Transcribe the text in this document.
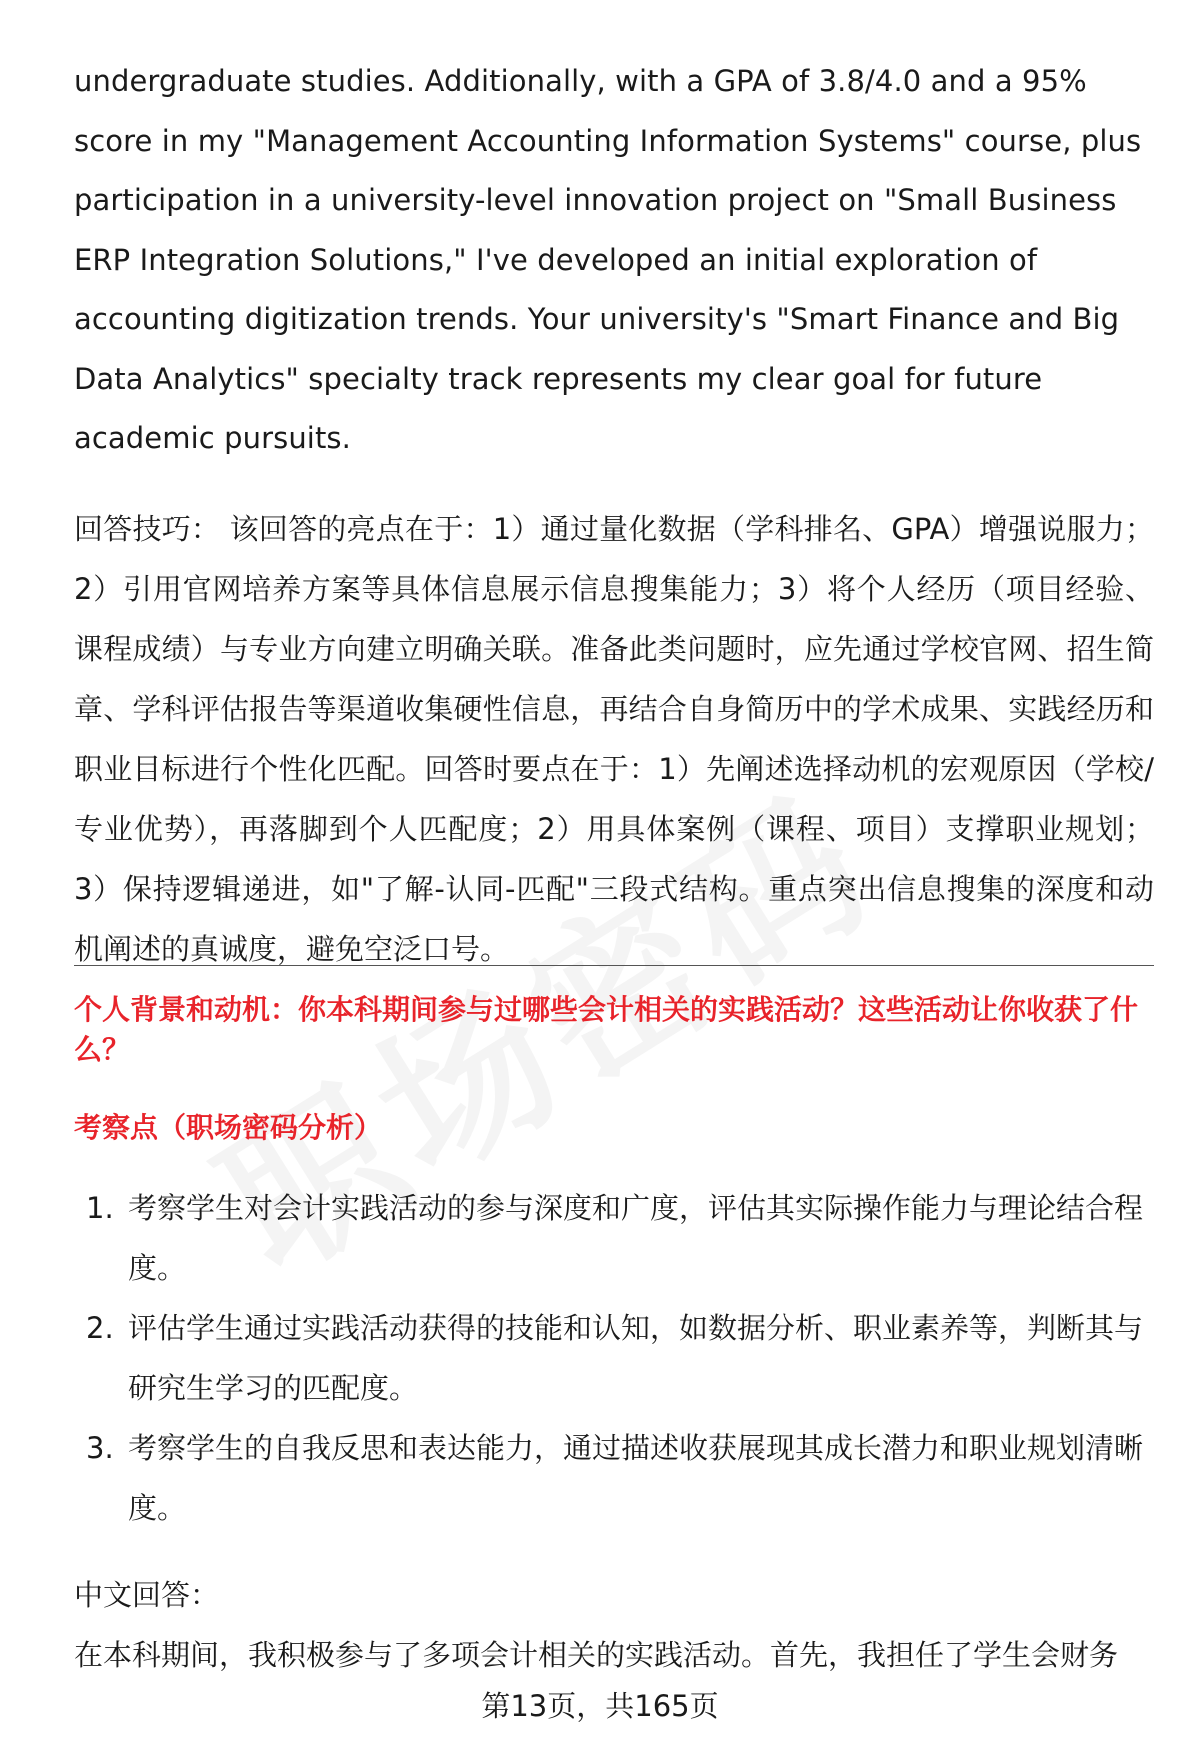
undergraduate studies. Additionally, with a GPA of 3.8/4.0 and a 95% score in my "Management Accounting Information Systems" course, plus participation in a university-level innovation project on "Small Business ERP Integration Solutions," I've developed an initial exploration of accounting digitization trends. Your university's "Smart Finance and Big Data Analytics" specialty track represents my clear goal for future academic pursuits.

回答技巧： 该回答的亮点在于：1）通过量化数据（学科排名、GPA）增强说服力；2）引用官网培养方案等具体信息展示信息搜集能力；3）将个人经历（项目经验、课程成绩）与专业方向建立明确关联。准备此类问题时，应先通过学校官网、招生简章、学科评估报告等渠道收集硬性信息，再结合自身简历中的学术成果、实践经历和职业目标进行个性化匹配。回答时要点在于：1）先阐述选择动机的宏观原因（学校/专业优势），再落脚到个人匹配度；2）用具体案例（课程、项目）支撑职业规划；3）保持逻辑递进，如"了解-认同-匹配"三段式结构。重点突出信息搜集的深度和动机阐述的真诚度，避免空泛口号。

个人背景和动机：你本科期间参与过哪些会计相关的实践活动？这些活动让你收获了什么？

考察点（职场密码分析）

1. 考察学生对会计实践活动的参与深度和广度，评估其实际操作能力与理论结合程度。
2. 评估学生通过实践活动获得的技能和认知，如数据分析、职业素养等，判断其与研究生学习的匹配度。
3. 考察学生的自我反思和表达能力，通过描述收获展现其成长潜力和职业规划清晰度。

中文回答：

在本科期间，我积极参与了多项会计相关的实践活动。首先，我担任了学生会财务

第13页，共165页
